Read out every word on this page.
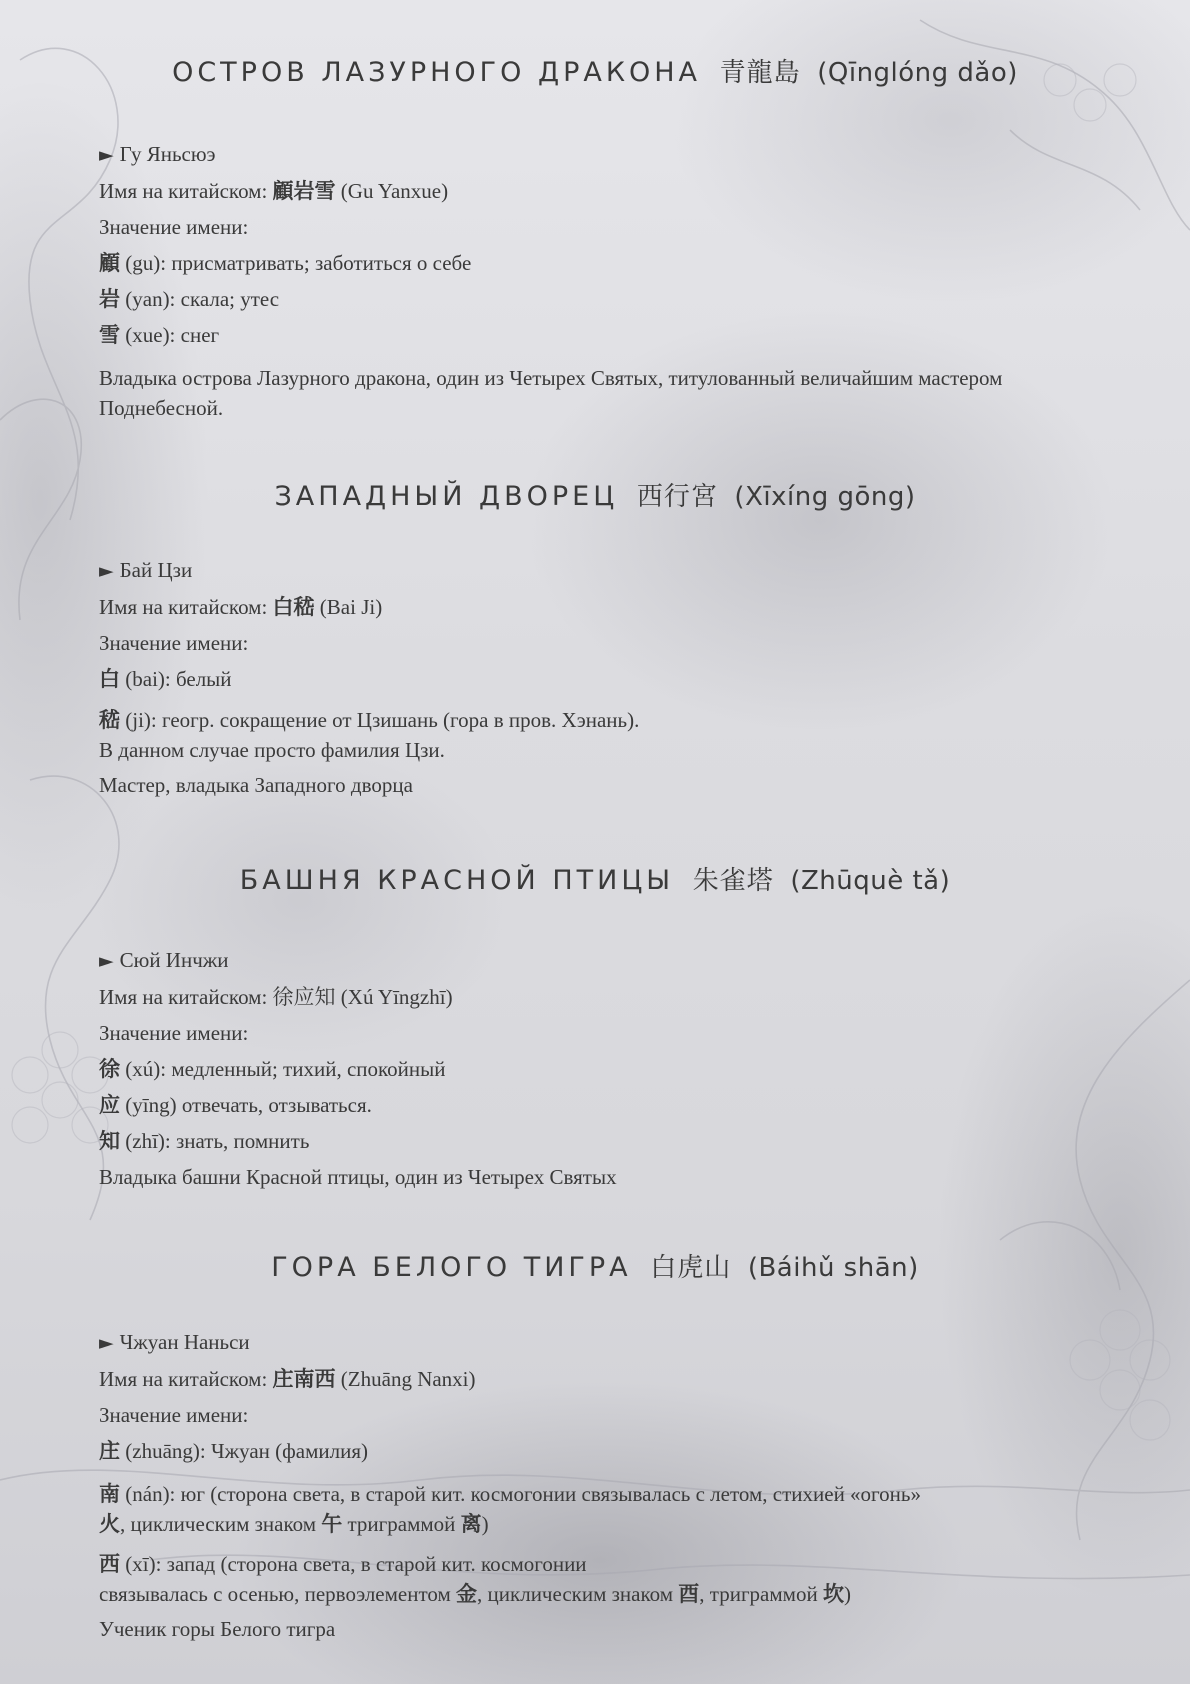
ОСТРОВ ЛАЗУРНОГО ДРАКОНА 青龍島 (Qīnglóng dǎo)
► Гу Яньсюэ
Имя на китайском: 顧岩雪 (Gu Yanxue)
Значение имени:
顧 (gu): присматривать; заботиться о себе
岩 (yan): скала; утес
雪 (xue): снег
Владыка острова Лазурного дракона, один из Четырех Святых, титулованный величайшим мастером Поднебесной.
ЗАПАДНЫЙ ДВОРЕЦ 西行宮 (Xīxíng gōng)
► Бай Цзи
Имя на китайском: 白嵇 (Bai Ji)
Значение имени:
白 (bai): белый
嵇 (ji): геогр. сокращение от Цзишань (гора в пров. Хэнань).
В данном случае просто фамилия Цзи.
Мастер, владыка Западного дворца
БАШНЯ КРАСНОЙ ПТИЦЫ 朱雀塔 (Zhūquè tǎ)
► Сюй Инчжи
Имя на китайском: 徐应知 (Xú Yīngzhī)
Значение имени:
徐 (xú): медленный; тихий, спокойный
应 (yīng) отвечать, отзываться.
知 (zhī): знать, помнить
Владыка башни Красной птицы, один из Четырех Святых
ГОРА БЕЛОГО ТИГРА 白虎山 (Báihǔ shān)
► Чжуан Наньси
Имя на китайском: 庄南西 (Zhuāng Nanxi)
Значение имени:
庄 (zhuāng): Чжуан (фамилия)
南 (nán): юг (сторона света, в старой кит. космогонии связывалась с летом, стихией «огонь»
火, циклическим знаком 午 триграммой 离)
西 (xī): запад (сторона света, в старой кит. космогонии
связывалась с осенью, первоэлементом 金, циклическим знаком 酉, триграммой 坎)
Ученик горы Белого тигра
